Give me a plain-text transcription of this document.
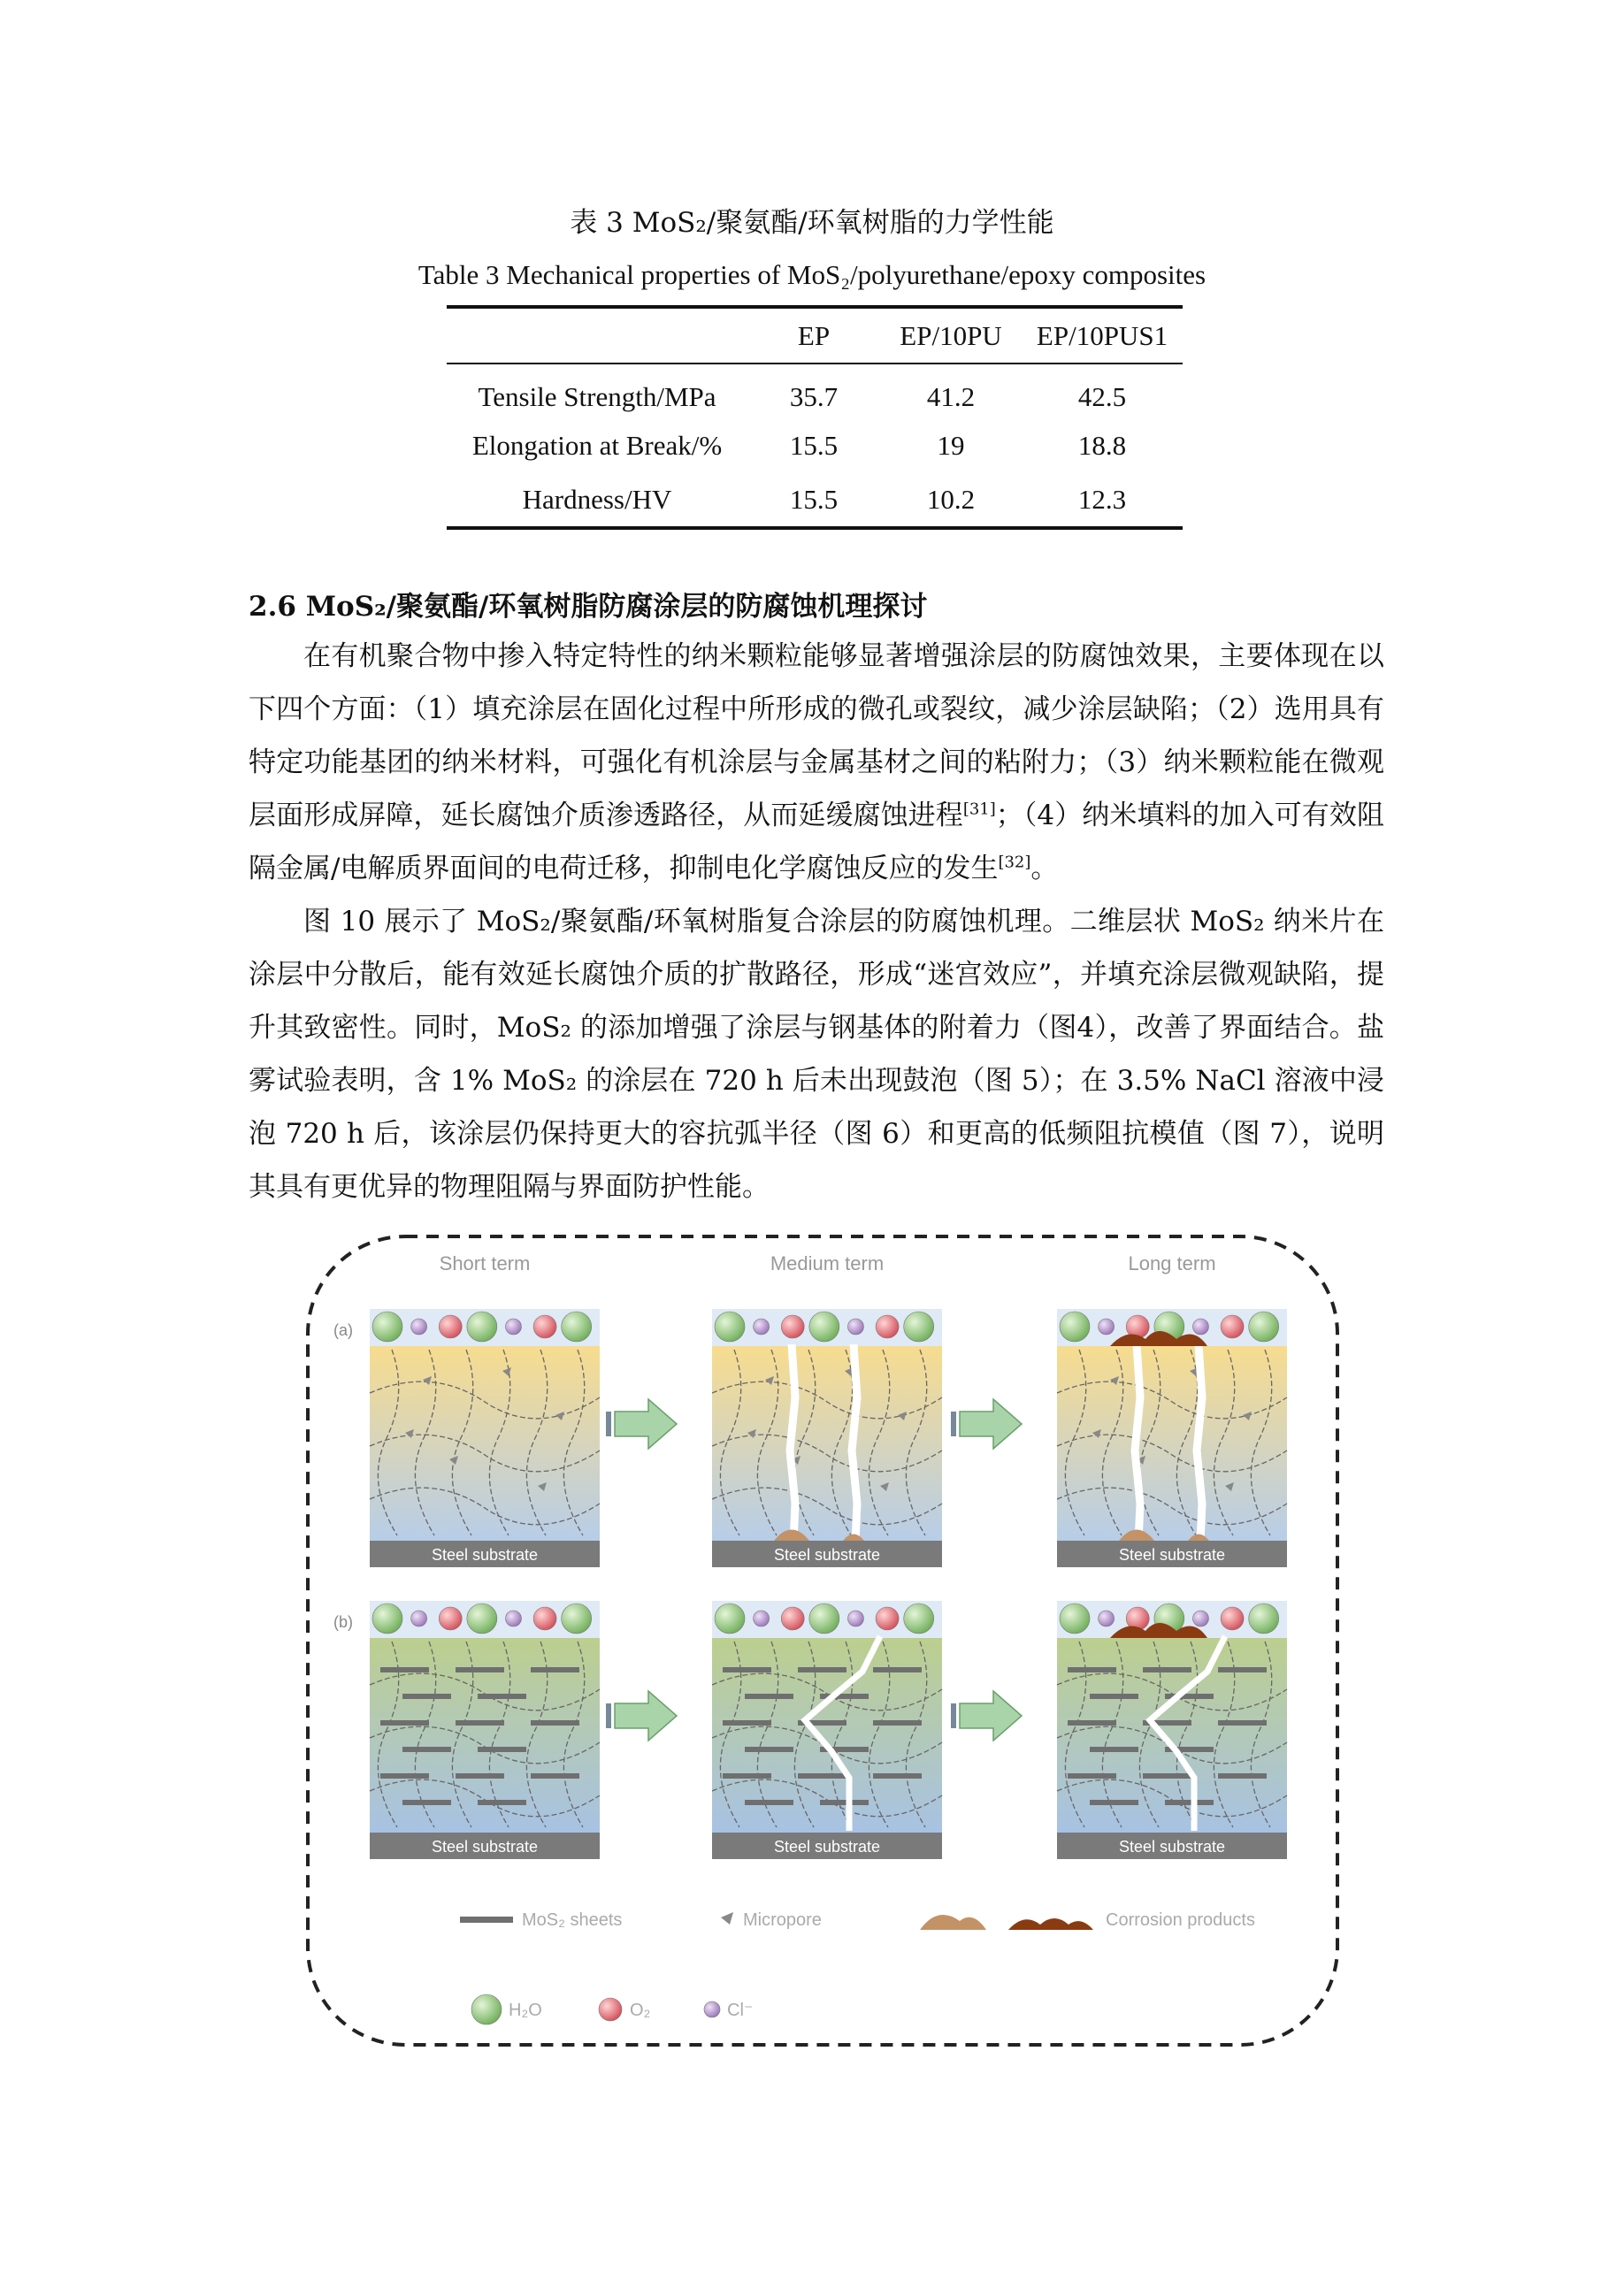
表 3 MoS₂/聚氨酯/环氧树脂的力学性能
Table 3 Mechanical properties of MoS₂/polyurethane/epoxy composites
	EP	EP/10PU	EP/10PUS1
Tensile Strength/MPa	35.7	41.2	42.5
Elongation at Break/%	15.5	19	18.8
Hardness/HV	15.5	10.2	12.3
2.6 MoS₂/聚氨酯/环氧树脂防腐涂层的防腐蚀机理探讨

在有机聚合物中掺入特定特性的纳米颗粒能够显著增强涂层的防腐蚀效果，主要体现在以下四个方面：（1）填充涂层在固化过程中所形成的微孔或裂纹，减少涂层缺陷；（2）选用具有特定功能基团的纳米材料，可强化有机涂层与金属基材之间的粘附力；（3）纳米颗粒能在微观层面形成屏障，延长腐蚀介质渗透路径，从而延缓腐蚀进程[31]；（4）纳米填料的加入可有效阻隔金属/电解质界面间的电荷迁移，抑制电化学腐蚀反应的发生[32]。

图 10 展示了 MoS₂/聚氨酯/环氧树脂复合涂层的防腐蚀机理。二维层状 MoS₂ 纳米片在涂层中分散后，能有效延长腐蚀介质的扩散路径，形成“迷宫效应”，并填充涂层微观缺陷，提升其致密性。同时，MoS₂ 的添加增强了涂层与钢基体的附着力（图4），改善了界面结合。盐雾试验表明，含 1% MoS₂ 的涂层在 720 h 后未出现鼓泡（图 5）；在 3.5% NaCl 溶液中浸泡 720 h 后，该涂层仍保持更大的容抗弧半径（图 6）和更高的低频阻抗模值（图 7），说明其具有更优异的物理阻隔与界面防护性能。

Short term	Medium term	Long term
(a)
(b)
Steel substrate	Steel substrate	Steel substrate
Steel substrate	Steel substrate	Steel substrate
MoS₂ sheets	Micropore	Corrosion products
H₂O	O₂	Cl⁻
